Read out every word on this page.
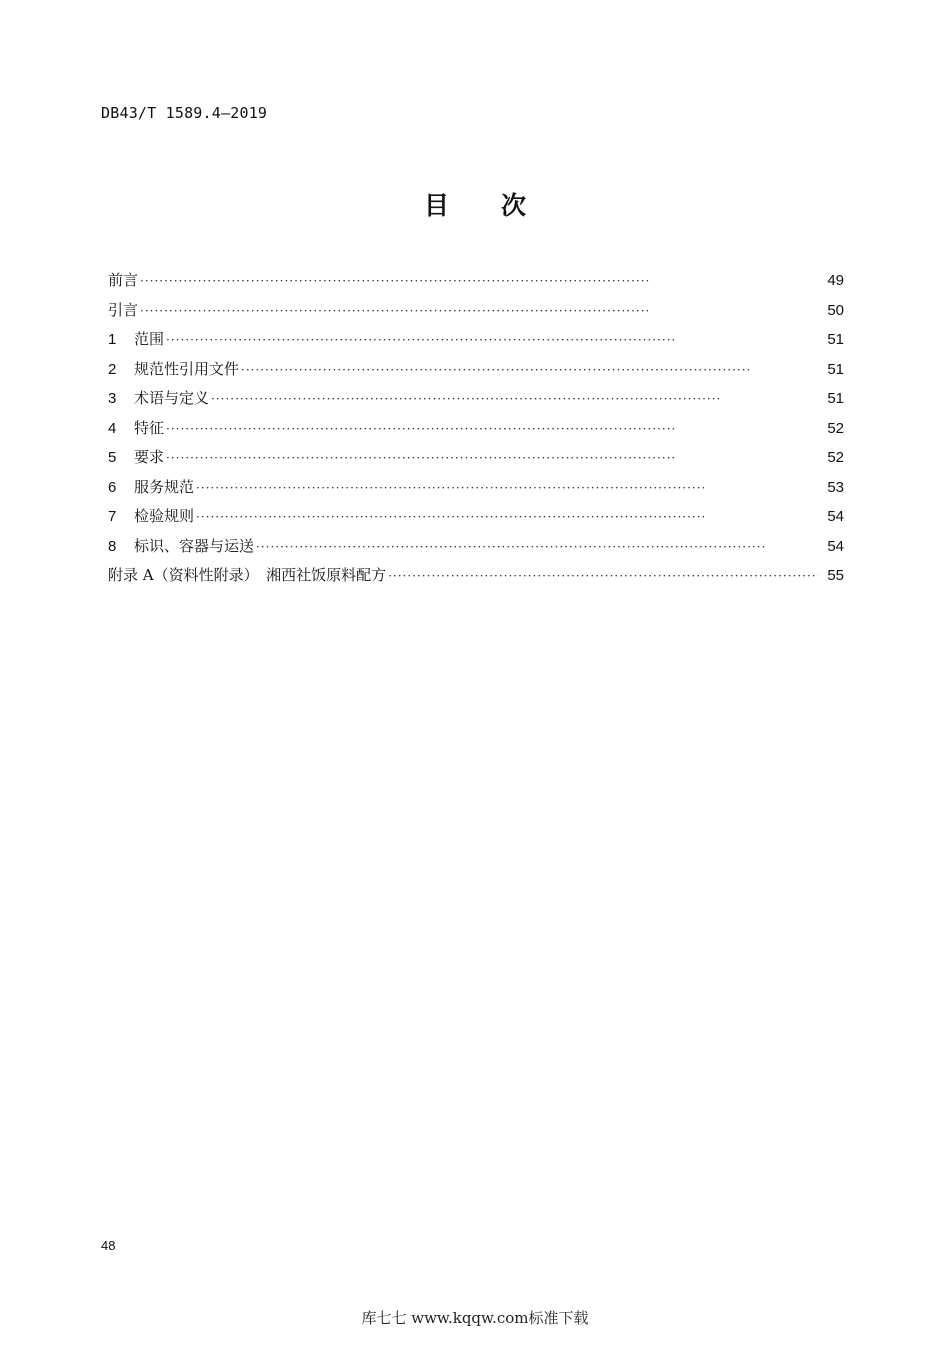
DB43/T 1589.4—2019
目 次
前言 ·····	49
引言 ·····	50
1	范围 ·····	51
2	规范性引用文件 ·····	51
3	术语与定义 ·····	51
4	特征 ·····	52
5	要求 ·····	52
6	服务规范 ·····	53
7	检验规则 ·····	54
8	标识、容器与运送 ·····	54
附录 A（资料性附录）　湘西社饭原料配方 ·····	55
48
库七七 www.kqqw.com标准下载
